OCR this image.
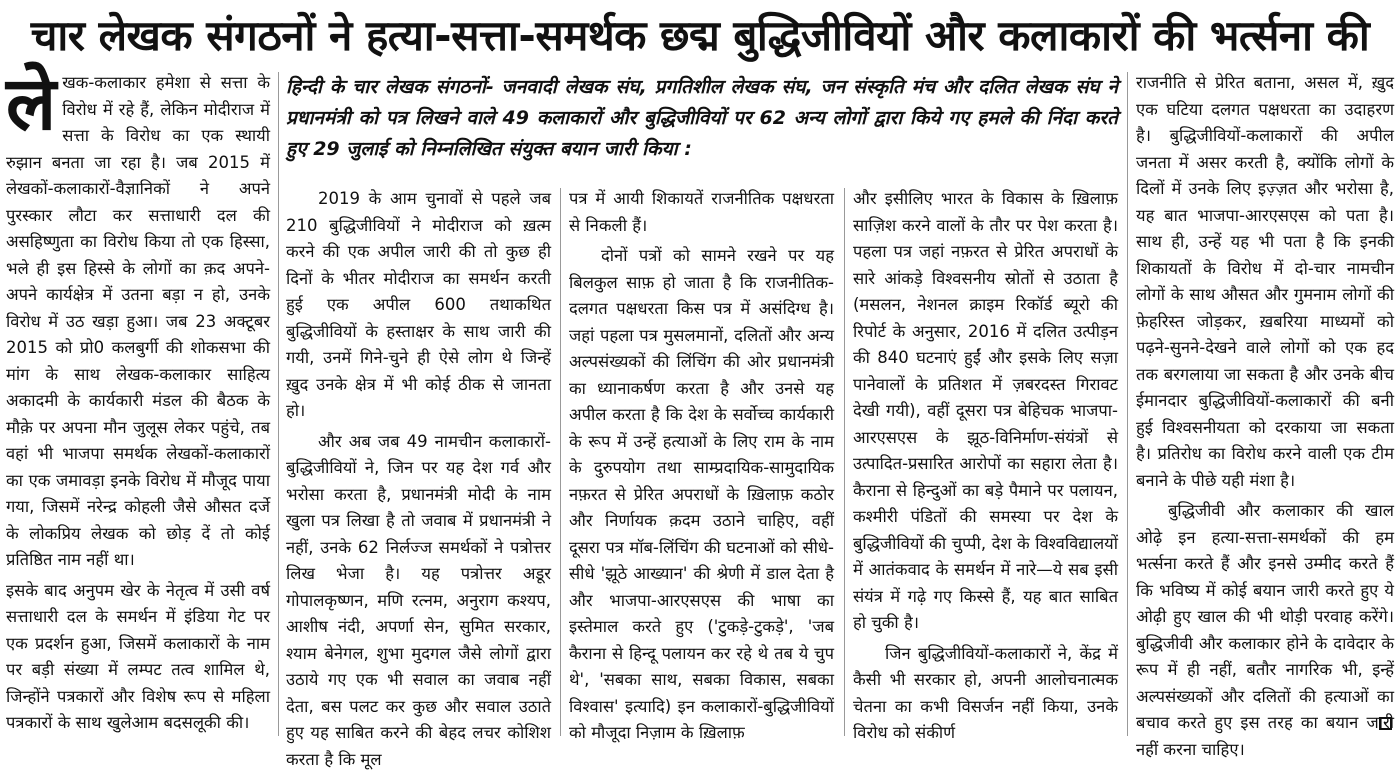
चार लेखक संगठनों ने हत्या-सत्ता-समर्थक छद्म बुद्धिजीवियों और कलाकारों की भर्त्सना की

लेखक-कलाकार हमेशा से सत्ता के विरोध में रहे हैं, लेकिन मोदीराज में सत्ता के विरोध का एक स्थायी रुझान बनता जा रहा है। जब 2015 में लेखकों-कलाकारों-वैज्ञानिकों ने अपने पुरस्कार लौटा कर सत्ताधारी दल की असहिष्णुता का विरोध किया तो एक हिस्सा, भले ही इस हिस्से के लोगों का क़द अपने-अपने कार्यक्षेत्र में उतना बड़ा न हो, उनके विरोध में उठ खड़ा हुआ। जब 23 अक्टूबर 2015 को प्रो0 कलबुर्गी की शोकसभा की मांग के साथ लेखक-कलाकार साहित्य अकादमी के कार्यकारी मंडल की बैठक के मौक़े पर अपना मौन जुलूस लेकर पहुंचे, तब वहां भी भाजपा समर्थक लेखकों-कलाकारों का एक जमावड़ा इनके विरोध में मौजूद पाया गया, जिसमें नरेन्द्र कोहली जैसे औसत दर्जे के लोकप्रिय लेखक को छोड़ दें तो कोई प्रतिष्ठित नाम नहीं था।

इसके बाद अनुपम खेर के नेतृत्व में उसी वर्ष सत्ताधारी दल के समर्थन में इंडिया गेट पर एक प्रदर्शन हुआ, जिसमें कलाकारों के नाम पर बड़ी संख्या में लम्पट तत्व शामिल थे, जिन्होंने पत्रकारों और विशेष रूप से महिला पत्रकारों के साथ खुलेआम बदसलूकी की।

हिन्दी के चार लेखक संगठनों- जनवादी लेखक संघ, प्रगतिशील लेखक संघ, जन संस्कृति मंच और दलित लेखक संघ ने प्रधानमंत्री को पत्र लिखने वाले 49 कलाकारों और बुद्धिजीवियों पर 62 अन्य लोगों द्वारा किये गए हमले की निंदा करते हुए 29 जुलाई को निम्नलिखित संयुक्त बयान जारी किया :

2019 के आम चुनावों से पहले जब 210 बुद्धिजीवियों ने मोदीराज को ख़त्म करने की एक अपील जारी की तो कुछ ही दिनों के भीतर मोदीराज का समर्थन करती हुई एक अपील 600 तथाकथित बुद्धिजीवियों के हस्ताक्षर के साथ जारी की गयी, उनमें गिने-चुने ही ऐसे लोग थे जिन्हें ख़ुद उनके क्षेत्र में भी कोई ठीक से जानता हो।

और अब जब 49 नामचीन कलाकारों-बुद्धिजीवियों ने, जिन पर यह देश गर्व और भरोसा करता है, प्रधानमंत्री मोदी के नाम खुला पत्र लिखा है तो जवाब में प्रधानमंत्री ने नहीं, उनके 62 निर्लज्ज समर्थकों ने पत्रोत्तर लिख भेजा है। यह पत्रोत्तर अडूर गोपालकृष्णन, मणि रत्नम, अनुराग कश्यप, आशीष नंदी, अपर्णा सेन, सुमित सरकार, श्याम बेनेगल, शुभा मुदगल जैसे लोगों द्वारा उठाये गए एक भी सवाल का जवाब नहीं देता, बस पलट कर कुछ और सवाल उठाते हुए यह साबित करने की बेहद लचर कोशिश करता है कि मूल

पत्र में आयी शिकायतें राजनीतिक पक्षधरता से निकली हैं।

दोनों पत्रों को सामने रखने पर यह बिलकुल साफ़ हो जाता है कि राजनीतिक-दलगत पक्षधरता किस पत्र में असंदिग्ध है। जहां पहला पत्र मुसलमानों, दलितों और अन्य अल्पसंख्यकों की लिंचिंग की ओर प्रधानमंत्री का ध्यानाकर्षण करता है और उनसे यह अपील करता है कि देश के सर्वोच्च कार्यकारी के रूप में उन्हें हत्याओं के लिए राम के नाम के दुरुपयोग तथा साम्प्रदायिक-सामुदायिक नफ़रत से प्रेरित अपराधों के ख़िलाफ़ कठोर और निर्णायक क़दम उठाने चाहिए, वहीं दूसरा पत्र मॉब-लिंचिंग की घटनाओं को सीधे-सीधे 'झूठे आख्यान' की श्रेणी में डाल देता है और भाजपा-आरएसएस की भाषा का इस्तेमाल करते हुए ('टुकड़े-टुकड़े', 'जब कैराना से हिन्दू पलायन कर रहे थे तब ये चुप थे', 'सबका साथ, सबका विकास, सबका विश्वास' इत्यादि) इन कलाकारों-बुद्धिजीवियों को मौजूदा निज़ाम के ख़िलाफ़

और इसीलिए भारत के विकास के ख़िलाफ़ साज़िश करने वालों के तौर पर पेश करता है। पहला पत्र जहां नफ़रत से प्रेरित अपराधों के सारे आंकड़े विश्वसनीय स्रोतों से उठाता है (मसलन, नेशनल क्राइम रिकॉर्ड ब्यूरो की रिपोर्ट के अनुसार, 2016 में दलित उत्पीड़न की 840 घटनाएं हुईं और इसके लिए सज़ा पानेवालों के प्रतिशत में ज़बरदस्त गिरावट देखी गयी), वहीं दूसरा पत्र बेहिचक भाजपा-आरएसएस के झूठ-विनिर्माण-संयंत्रों से उत्पादित-प्रसारित आरोपों का सहारा लेता है। कैराना से हिन्दुओं का बड़े पैमाने पर पलायन, कश्मीरी पंडितों की समस्या पर देश के बुद्धिजीवियों की चुप्पी, देश के विश्वविद्यालयों में आतंकवाद के समर्थन में नारे—ये सब इसी संयंत्र में गढ़े गए किस्से हैं, यह बात साबित हो चुकी है।

जिन बुद्धिजीवियों-कलाकारों ने, केंद्र में कैसी भी सरकार हो, अपनी आलोचनात्मक चेतना का कभी विसर्जन नहीं किया, उनके विरोध को संकीर्ण

राजनीति से प्रेरित बताना, असल में, ख़ुद एक घटिया दलगत पक्षधरता का उदाहरण है। बुद्धिजीवियों-कलाकारों की अपील जनता में असर करती है, क्योंकि लोगों के दिलों में उनके लिए इज़्ज़त और भरोसा है, यह बात भाजपा-आरएसएस को पता है। साथ ही, उन्हें यह भी पता है कि इनकी शिकायतों के विरोध में दो-चार नामचीन लोगों के साथ औसत और गुमनाम लोगों की फ़ेहरिस्त जोड़कर, ख़बरिया माध्यमों को पढ़ने-सुनने-देखने वाले लोगों को एक हद तक बरगलाया जा सकता है और उनके बीच ईमानदार बुद्धिजीवियों-कलाकारों की बनी हुई विश्वसनीयता को दरकाया जा सकता है। प्रतिरोध का विरोध करने वाली एक टीम बनाने के पीछे यही मंशा है।

बुद्धिजीवी और कलाकार की खाल ओढ़े इन हत्या-सत्ता-समर्थकों की हम भर्त्सना करते हैं और इनसे उम्मीद करते हैं कि भविष्य में कोई बयान जारी करते हुए ये ओढ़ी हुए खाल की भी थोड़ी परवाह करेंगे। बुद्धिजीवी और कलाकार होने के दावेदार के रूप में ही नहीं, बतौर नागरिक भी, इन्हें अल्पसंख्यकों और दलितों की हत्याओं का बचाव करते हुए इस तरह का बयान जारी नहीं करना चाहिए।
